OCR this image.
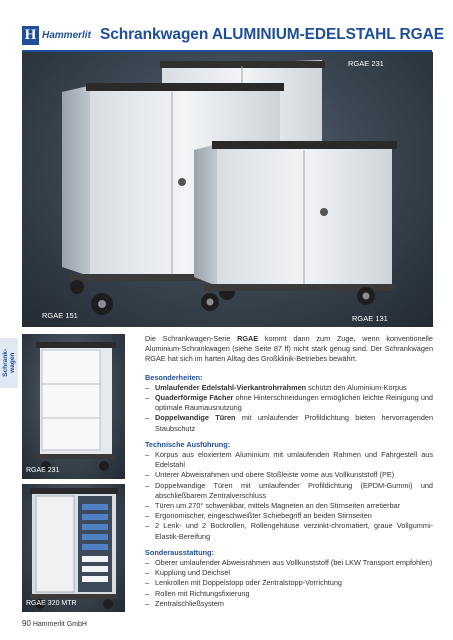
H Hammerlit Schrankwagen ALUMINIUM-EDELSTAHL RGAE
RGAE 231
RGAE 151	RGAE 131
Schrank-
wagen
RGAE 231
RGAE 320 MTR

Die Schrankwagen-Serie RGAE kommt dann zum Zuge, wenn konventionelle Aluminium-Schrankwagen (siehe Seite 87 ff) nicht stark genug sind. Der Schrankwagen RGAE hat sich im harten Alltag des Großklinik-Betriebes bewährt.

Besonderheiten:

– Umlaufender Edelstahl-Vierkantrohrrahmen schützt den Aluminium-Korpus
– Quaderförmige Fächer ohne Hinterschneidungen ermöglichen leichte Reinigung und optimale Raumausnutzung
– Doppelwandige Türen mit umlaufender Profildichtung bieten hervorragenden Staubschutz

Technische Ausführung:

– Korpus aus eloxiertem Aluminium mit umlaufenden Rahmen und Fahrgestell aus Edelstahl
– Unterer Abweisrahmen und obere Stoßleiste vorne aus Vollkunststoff (PE)
– Doppelwandige Türen mit umlaufender Profildichtung (EPDM-Gummi) und abschließbarem Zentralverschluss
– Türen um 270° schwenkbar, mittels Magneten an den Stirnseiten arretierbar
– Ergonomischer, eingeschweißter Schiebegriff an beiden Stirnseiten
– 2 Lenk- und 2 Bockrollen, Rollengehäuse verzinkt-chromatiert, graue Vollgummi-Elastik-Bereifung

Sonderausstattung:

– Oberer umlaufender Abweisrahmen aus Vollkunststoff (bei LKW Transport empfohlen)
– Kupplung und Deichsel
– Lenkrollen mit Doppelstopp oder Zentralstopp-Vorrichtung
– Rollen mit Richtungsfixierung
– Zentralschließsystem
90 Hammerlit GmbH
